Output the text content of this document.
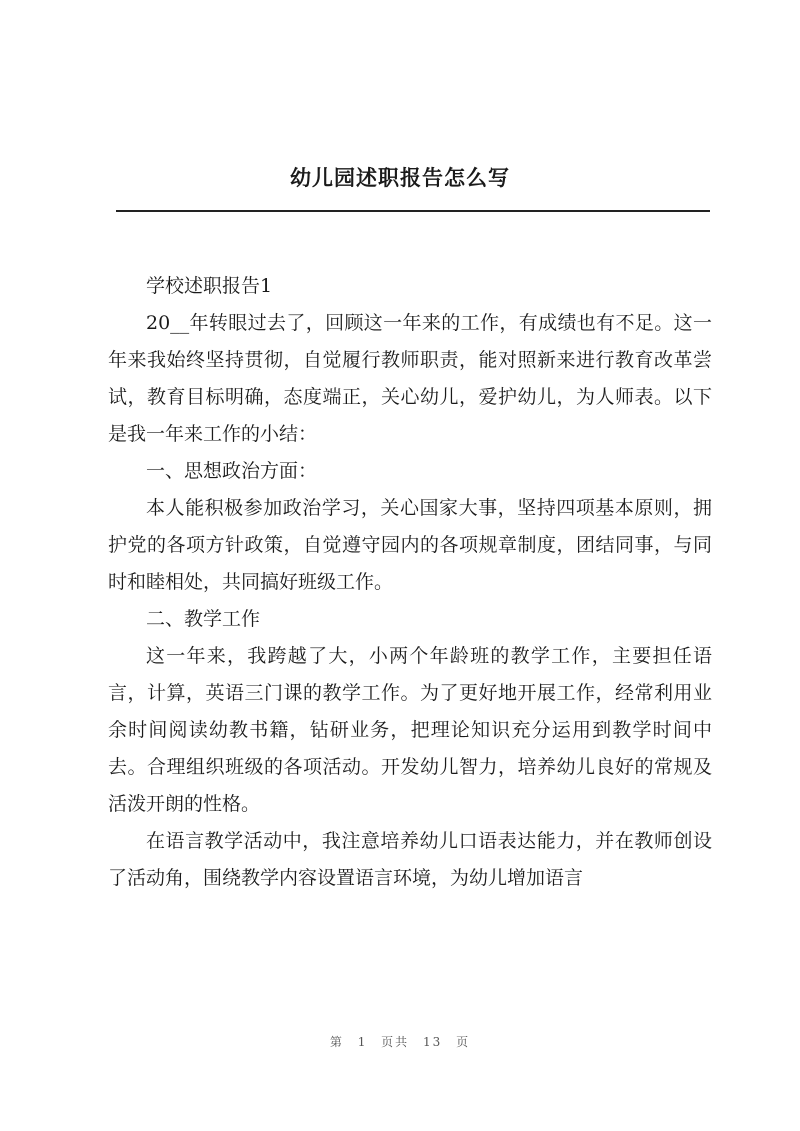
幼儿园述职报告怎么写

学校述职报告1

20__年转眼过去了，回顾这一年来的工作，有成绩也有不足。这一年来我始终坚持贯彻，自觉履行教师职责，能对照新来进行教育改革尝试，教育目标明确，态度端正，关心幼儿，爱护幼儿，为人师表。以下是我一年来工作的小结：

一、思想政治方面：

本人能积极参加政治学习，关心国家大事，坚持四项基本原则，拥护党的各项方针政策，自觉遵守园内的各项规章制度，团结同事，与同时和睦相处，共同搞好班级工作。

二、教学工作

这一年来，我跨越了大，小两个年龄班的教学工作，主要担任语言，计算，英语三门课的教学工作。为了更好地开展工作，经常利用业余时间阅读幼教书籍，钻研业务，把理论知识充分运用到教学时间中去。合理组织班级的各项活动。开发幼儿智力，培养幼儿良好的常规及活泼开朗的性格。

在语言教学活动中，我注意培养幼儿口语表达能力，并在教师创设了活动角，围绕教学内容设置语言环境，为幼儿增加语言

第 1 页共 13 页
